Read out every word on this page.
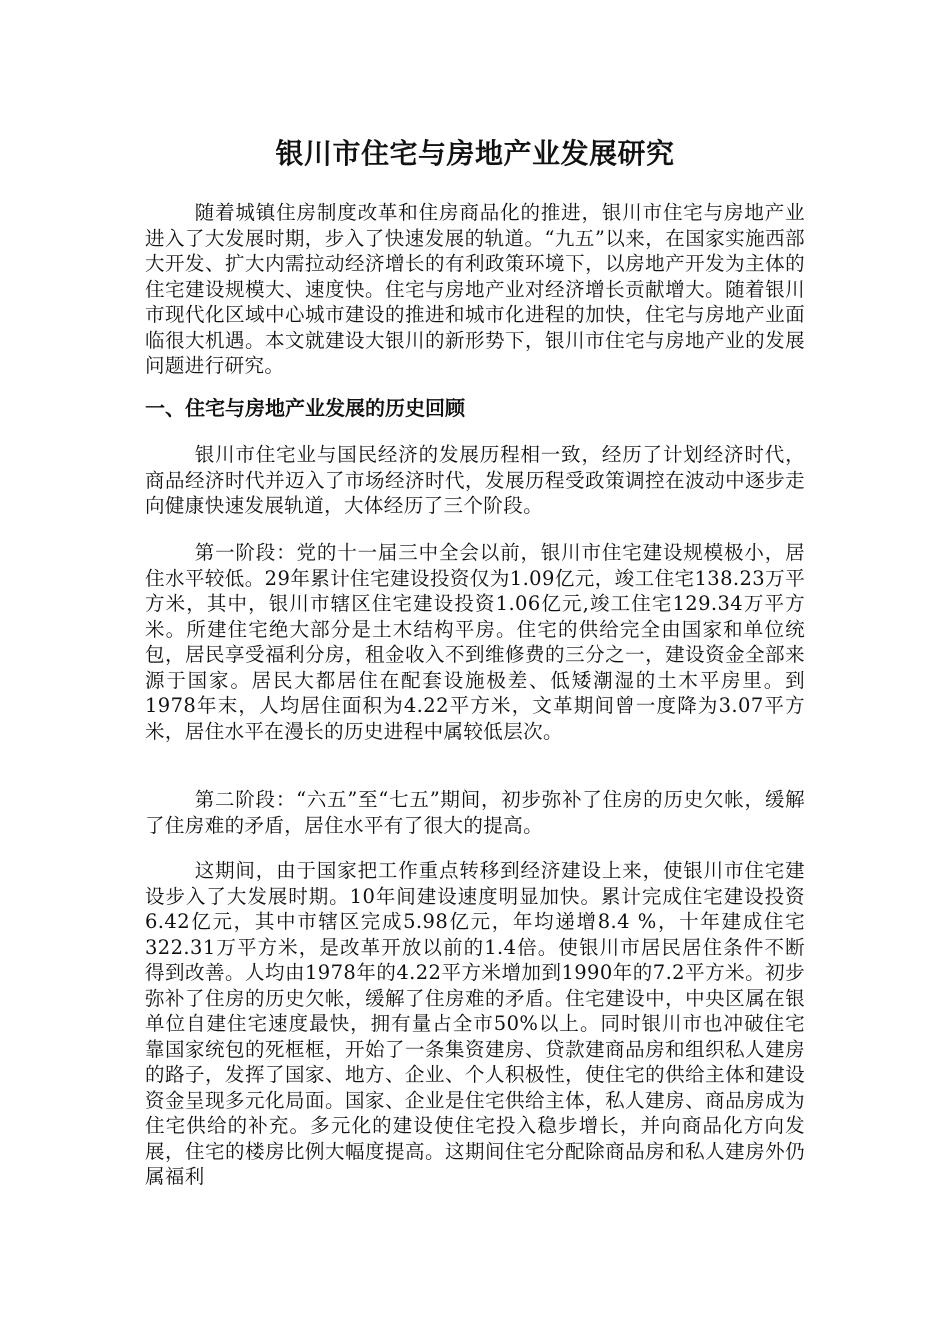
银川市住宅与房地产业发展研究

随着城镇住房制度改革和住房商品化的推进，银川市住宅与房地产业进入了大发展时期，步入了快速发展的轨道。“九五”以来，在国家实施西部大开发、扩大内需拉动经济增长的有利政策环境下，以房地产开发为主体的住宅建设规模大、速度快。住宅与房地产业对经济增长贡献增大。随着银川市现代化区域中心城市建设的推进和城市化进程的加快，住宅与房地产业面临很大机遇。本文就建设大银川的新形势下，银川市住宅与房地产业的发展问题进行研究。

一、住宅与房地产业发展的历史回顾

银川市住宅业与国民经济的发展历程相一致，经历了计划经济时代，商品经济时代并迈入了市场经济时代，发展历程受政策调控在波动中逐步走向健康快速发展轨道，大体经历了三个阶段。

第一阶段：党的十一届三中全会以前，银川市住宅建设规模极小，居住水平较低。29年累计住宅建设投资仅为1.09亿元，竣工住宅138.23万平方米，其中，银川市辖区住宅建设投资1.06亿元,竣工住宅129.34万平方米。所建住宅绝大部分是土木结构平房。住宅的供给完全由国家和单位统包，居民享受福利分房，租金收入不到维修费的三分之一，建设资金全部来源于国家。居民大都居住在配套设施极差、低矮潮湿的土木平房里。到1978年末，人均居住面积为4.22平方米，文革期间曾一度降为3.07平方米，居住水平在漫长的历史进程中属较低层次。

第二阶段：“六五”至“七五”期间，初步弥补了住房的历史欠帐，缓解了住房难的矛盾，居住水平有了很大的提高。

这期间，由于国家把工作重点转移到经济建设上来，使银川市住宅建设步入了大发展时期。10年间建设速度明显加快。累计完成住宅建设投资6.42亿元，其中市辖区完成5.98亿元，年均递增8.4 %，十年建成住宅322.31万平方米，是改革开放以前的1.4倍。使银川市居民居住条件不断得到改善。人均由1978年的4.22平方米增加到1990年的7.2平方米。初步弥补了住房的历史欠帐，缓解了住房难的矛盾。住宅建设中，中央区属在银单位自建住宅速度最快，拥有量占全市50%以上。同时银川市也冲破住宅靠国家统包的死框框，开始了一条集资建房、贷款建商品房和组织私人建房的路子，发挥了国家、地方、企业、个人积极性，使住宅的供给主体和建设资金呈现多元化局面。国家、企业是住宅供给主体，私人建房、商品房成为住宅供给的补充。多元化的建设使住宅投入稳步增长，并向商品化方向发展，住宅的楼房比例大幅度提高。这期间住宅分配除商品房和私人建房外仍属福利
